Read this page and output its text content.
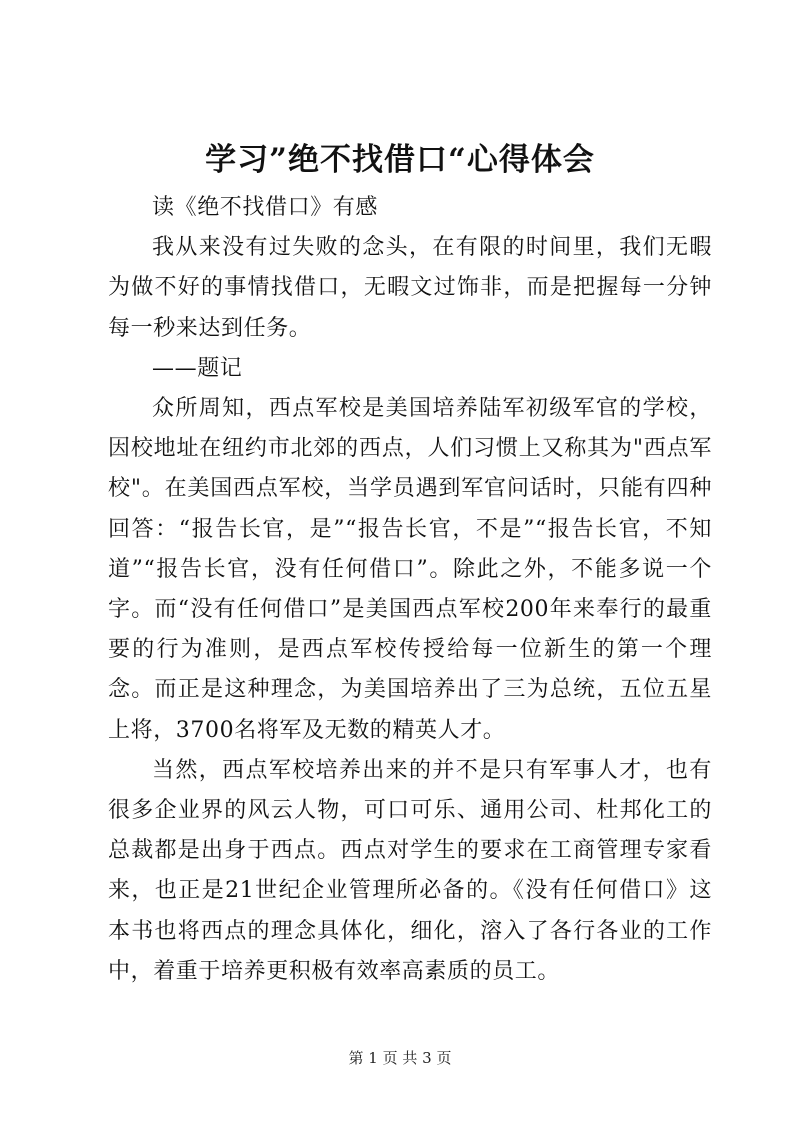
学习”绝不找借口“心得体会

读《绝不找借口》有感

我从来没有过失败的念头，在有限的时间里，我们无暇为做不好的事情找借口，无暇文过饰非，而是把握每一分钟每一秒来达到任务。

——题记

众所周知，西点军校是美国培养陆军初级军官的学校，因校地址在纽约市北郊的西点，人们习惯上又称其为"西点军校"。在美国西点军校，当学员遇到军官问话时，只能有四种回答：“报告长官，是”“报告长官，不是”“报告长官，不知道”“报告长官，没有任何借口”。除此之外，不能多说一个字。而“没有任何借口”是美国西点军校200年来奉行的最重要的行为准则，是西点军校传授给每一位新生的第一个理念。而正是这种理念，为美国培养出了三为总统，五位五星上将，3700名将军及无数的精英人才。

当然，西点军校培养出来的并不是只有军事人才，也有很多企业界的风云人物，可口可乐、通用公司、杜邦化工的总裁都是出身于西点。西点对学生的要求在工商管理专家看来，也正是21世纪企业管理所必备的。《没有任何借口》这本书也将西点的理念具体化，细化，溶入了各行各业的工作中，着重于培养更积极有效率高素质的员工。

第 1 页 共 3 页
